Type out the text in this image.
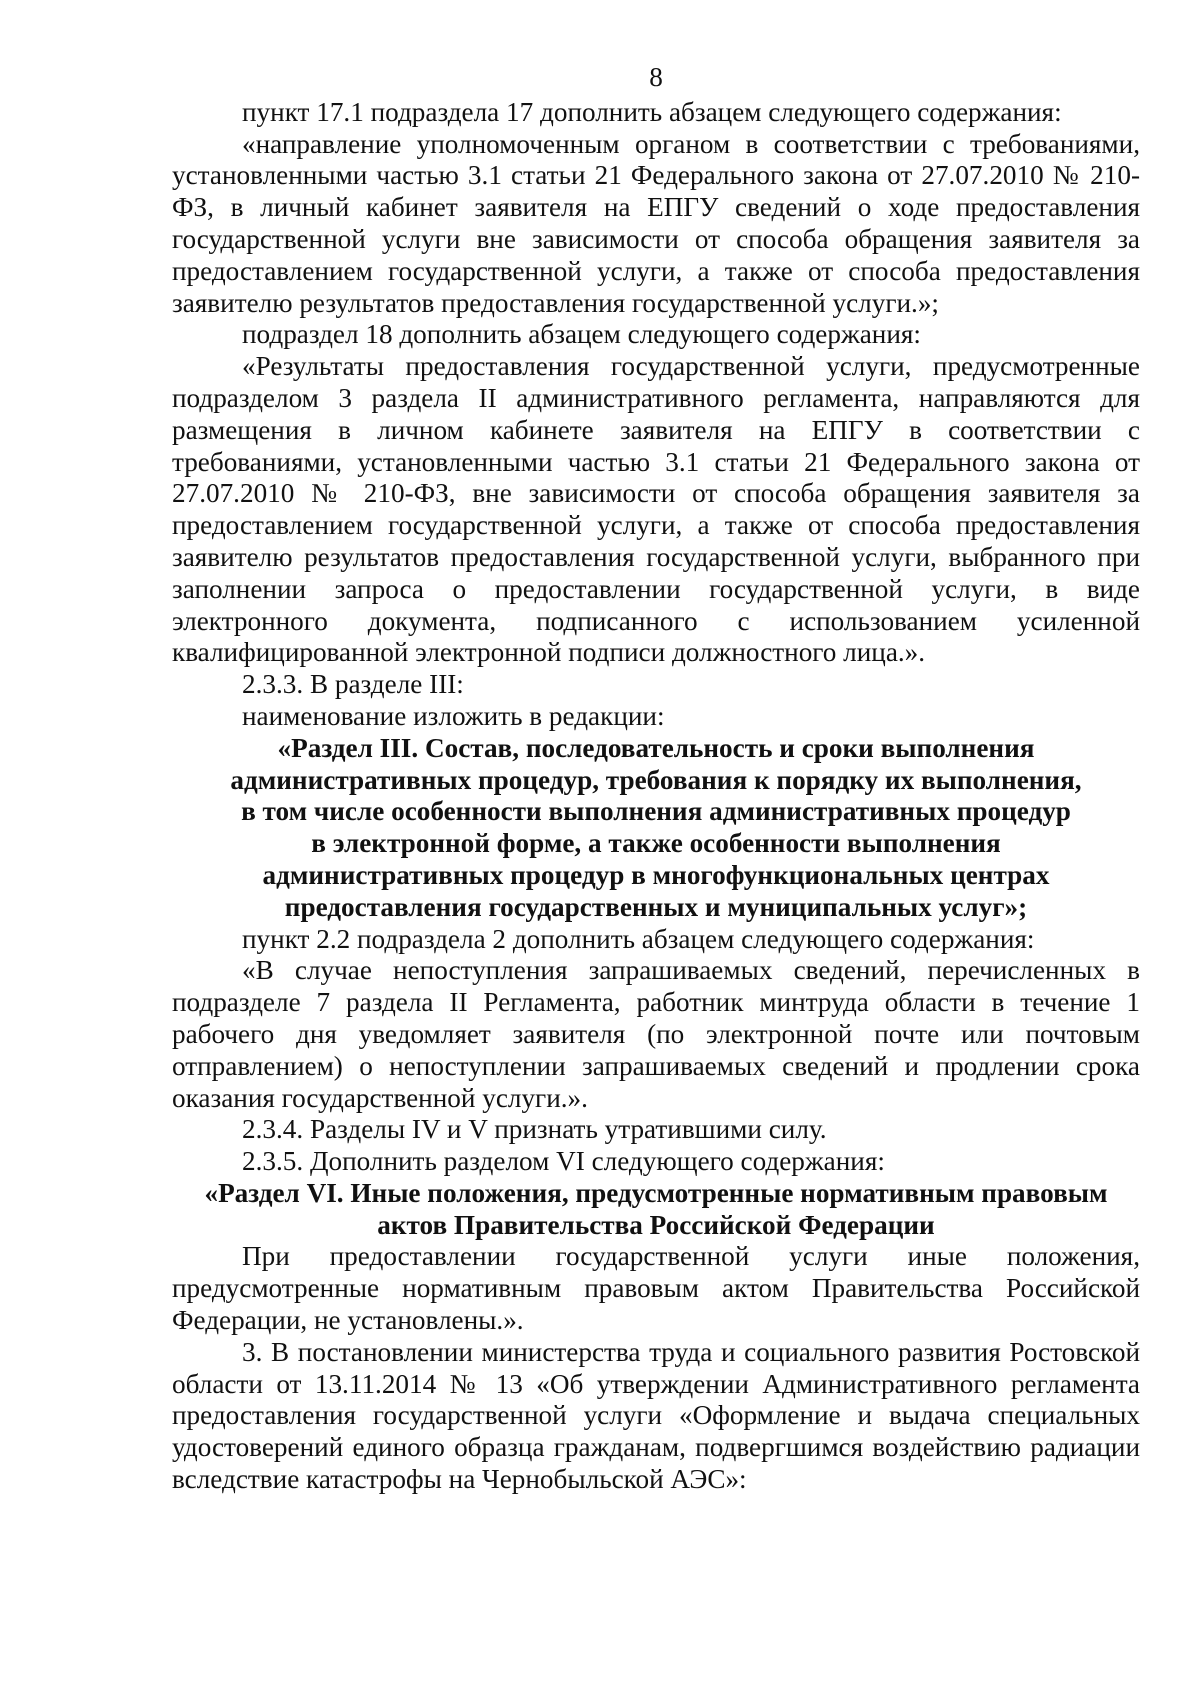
8

пункт 17.1 подраздела 17 дополнить абзацем следующего содержания:

«направление уполномоченным органом в соответствии с требованиями, установленными частью 3.1 статьи 21 Федерального закона от 27.07.2010 № 210-ФЗ, в личный кабинет заявителя на ЕПГУ сведений о ходе предоставления государственной услуги вне зависимости от способа обращения заявителя за предоставлением государственной услуги, а также от способа предоставления заявителю результатов предоставления государственной услуги.»;

подраздел 18 дополнить абзацем следующего содержания:

«Результаты предоставления государственной услуги, предусмотренные подразделом 3 раздела II административного регламента, направляются для размещения в личном кабинете заявителя на ЕПГУ в соответствии с требованиями, установленными частью 3.1 статьи 21 Федерального закона от 27.07.2010 № 210-ФЗ, вне зависимости от способа обращения заявителя за предоставлением государственной услуги, а также от способа предоставления заявителю результатов предоставления государственной услуги, выбранного при заполнении запроса о предоставлении государственной услуги, в виде электронного документа, подписанного с использованием усиленной квалифицированной электронной подписи должностного лица.».

2.3.3. В разделе III:

наименование изложить в редакции:

«Раздел III. Состав, последовательность и сроки выполнения
административных процедур, требования к порядку их выполнения,
в том числе особенности выполнения административных процедур
в электронной форме, а также особенности выполнения
административных процедур в многофункциональных центрах
предоставления государственных и муниципальных услуг»;

пункт 2.2 подраздела 2 дополнить абзацем следующего содержания:

«В случае непоступления запрашиваемых сведений, перечисленных в подразделе 7 раздела II Регламента, работник минтруда области в течение 1 рабочего дня уведомляет заявителя (по электронной почте или почтовым отправлением) о непоступлении запрашиваемых сведений и продлении срока оказания государственной услуги.».

2.3.4. Разделы IV и V признать утратившими силу.

2.3.5. Дополнить разделом VI следующего содержания:

«Раздел VI. Иные положения, предусмотренные нормативным правовым
актов Правительства Российской Федерации

При предоставлении государственной услуги иные положения, предусмотренные нормативным правовым актом Правительства Российской Федерации, не установлены.».

3. В постановлении министерства труда и социального развития Ростовской области от 13.11.2014 № 13 «Об утверждении Административного регламента предоставления государственной услуги «Оформление и выдача специальных удостоверений единого образца гражданам, подвергшимся воздействию радиации вследствие катастрофы на Чернобыльской АЭС»:
